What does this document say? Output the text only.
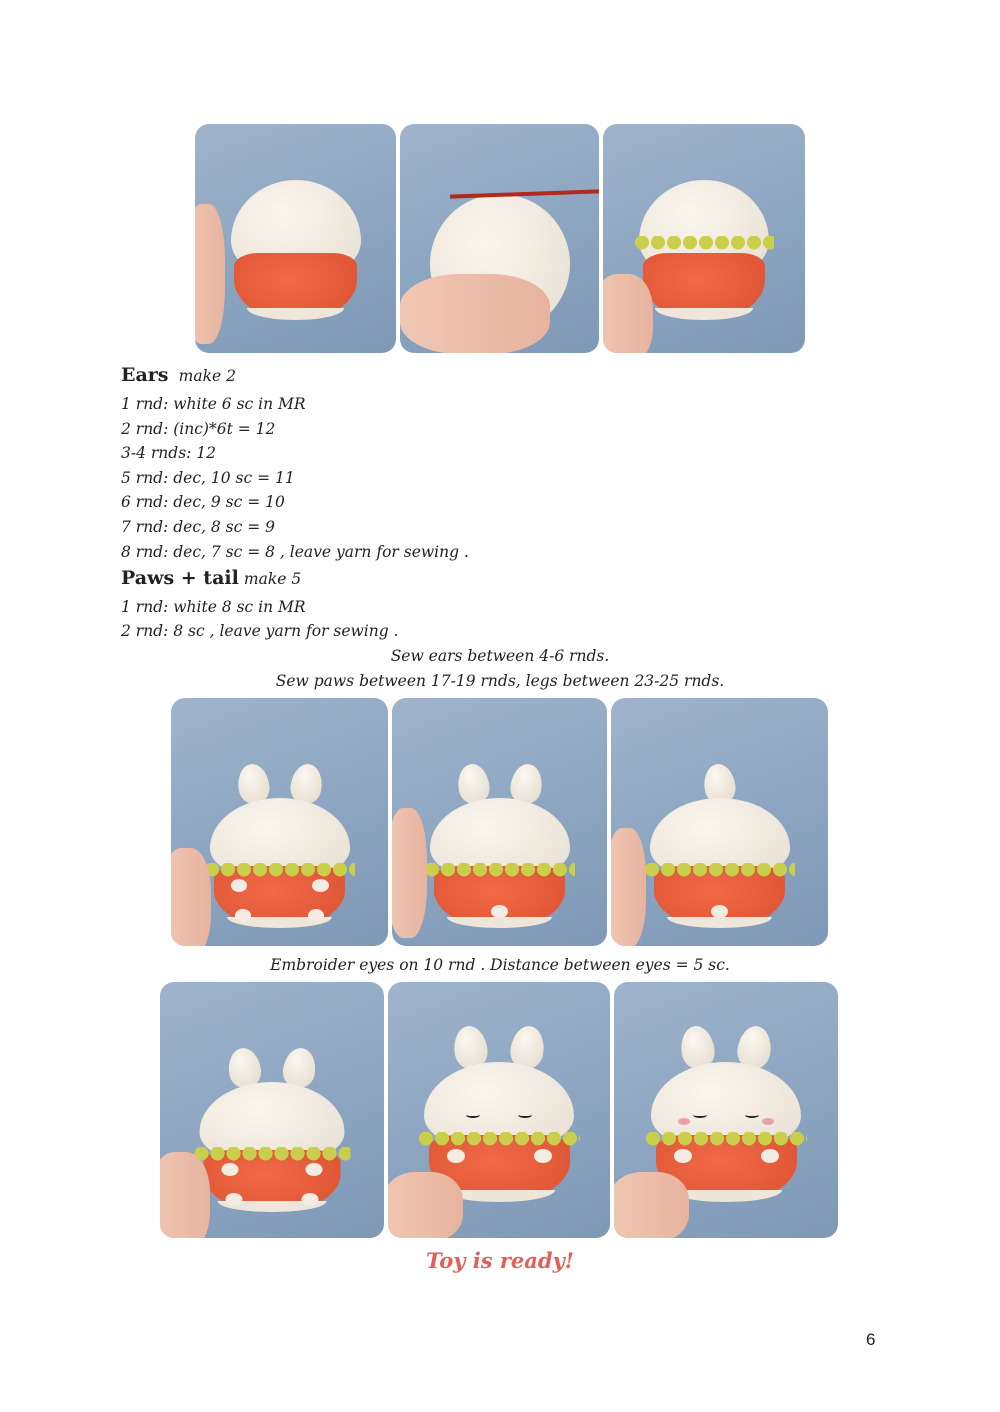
Ears make 2
1 rnd: white 6 sc in MR
2 rnd: (inc)*6t = 12
3-4 rnds: 12
5 rnd: dec, 10 sc = 11
6 rnd: dec, 9 sc = 10
7 rnd: dec, 8 sc = 9
8 rnd: dec, 7 sc = 8 , leave yarn for sewing .
Paws + tail make 5
1 rnd: white 8 sc in MR
2 rnd: 8 sc , leave yarn for sewing .
Sew ears between 4-6 rnds.
Sew paws between 17-19 rnds, legs between 23-25 rnds.
Embroider eyes on 10 rnd . Distance between eyes = 5 sc.
Toy is ready!
6
